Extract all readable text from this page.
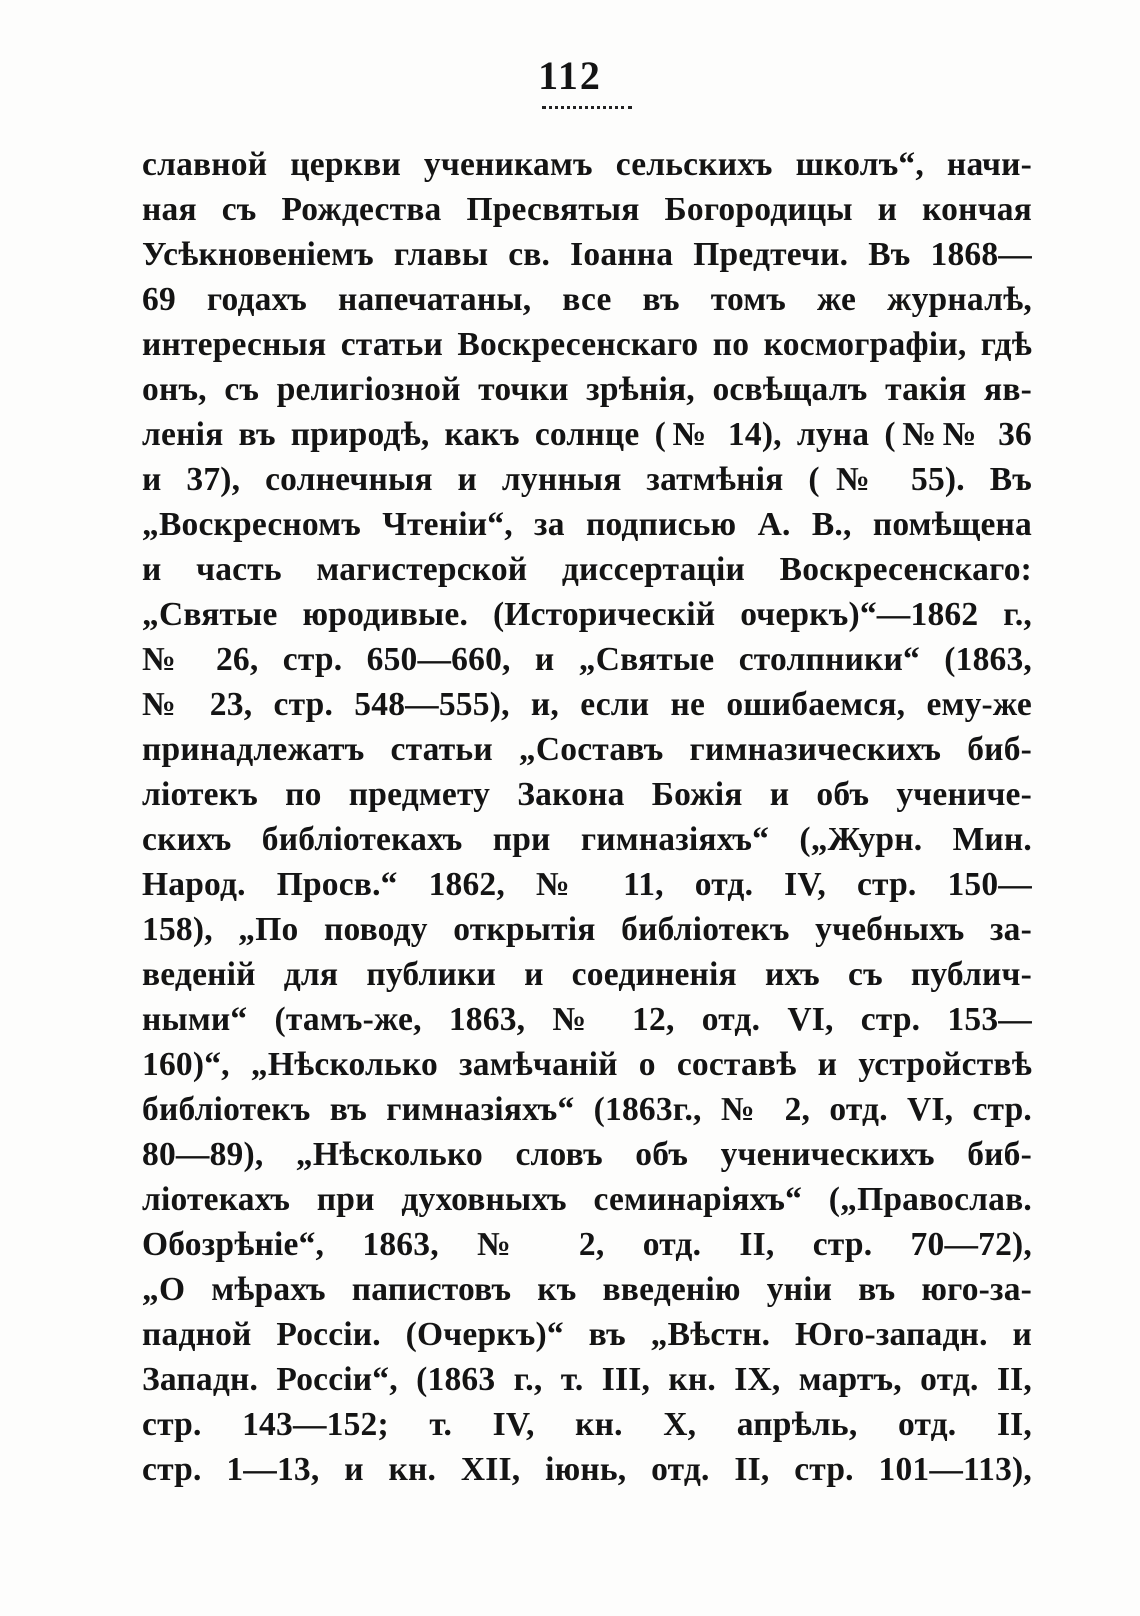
112
славной церкви ученикамъ сельскихъ школъ“, начи-
ная съ Рождества Пресвятыя Богородицы и кончая
Усѣкновеніемъ главы св. Іоанна Предтечи. Въ 1868—
69 годахъ напечатаны, все въ томъ же журналѣ,
интересныя статьи Воскресенскаго по космографіи, гдѣ
онъ, съ религіозной точки зрѣнія, освѣщалъ такія яв-
ленія въ природѣ, какъ солнце (№ 14), луна (№№ 36
и 37), солнечныя и лунныя затмѣнія (№ 55). Въ
„Воскресномъ Чтеніи“, за подписью А. В., помѣщена
и часть магистерской диссертаціи Воскресенскаго:
„Святые юродивые. (Историческій очеркъ)“—1862 г.,
№ 26, стр. 650—660, и „Святые столпники“ (1863,
№ 23, стр. 548—555), и, если не ошибаемся, ему-же
принадлежатъ статьи „Составъ гимназическихъ биб-
ліотекъ по предмету Закона Божія и объ учениче-
скихъ библіотекахъ при гимназіяхъ“ („Журн. Мин.
Народ. Просв.“ 1862, № 11, отд. IV, стр. 150—
158), „По поводу открытія библіотекъ учебныхъ за-
веденій для публики и соединенія ихъ съ публич-
ными“ (тамъ-же, 1863, № 12, отд. VI, стр. 153—
160)“, „Нѣсколько замѣчаній о составѣ и устройствѣ
библіотекъ въ гимназіяхъ“ (1863г., № 2, отд. VI, стр.
80—89), „Нѣсколько словъ объ ученическихъ биб-
ліотекахъ при духовныхъ семинаріяхъ“ („Православ.
Обозрѣніе“, 1863, № 2, отд. II, стр. 70—72),
„О мѣрахъ папистовъ къ введенію уніи въ юго-за-
падной Россіи. (Очеркъ)“ въ „Вѣстн. Юго-западн. и
Западн. Россіи“, (1863 г., т. III, кн. IX, мартъ, отд. II,
стр. 143—152; т. IV, кн. X, апрѣль, отд. II,
стр. 1—13, и кн. XII, іюнь, отд. II, стр. 101—113),
